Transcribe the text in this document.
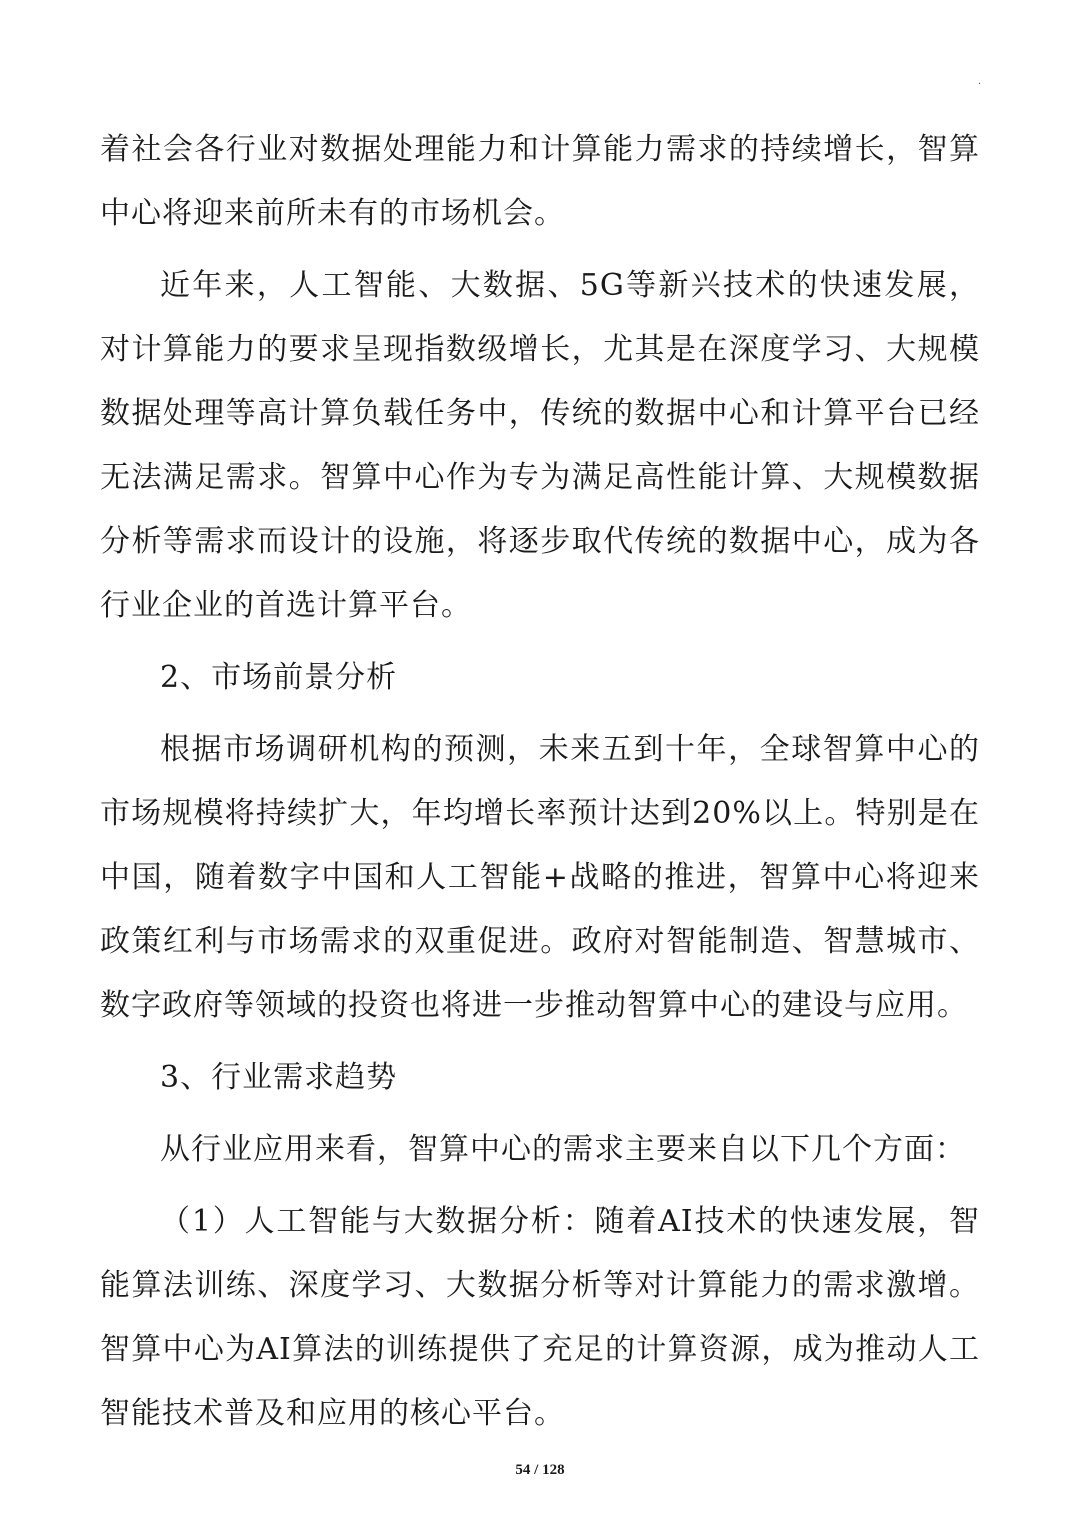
·

着社会各行业对数据处理能力和计算能力需求的持续增长，智算中心将迎来前所未有的市场机会。

近年来，人工智能、大数据、5G等新兴技术的快速发展，对计算能力的要求呈现指数级增长，尤其是在深度学习、大规模数据处理等高计算负载任务中，传统的数据中心和计算平台已经无法满足需求。智算中心作为专为满足高性能计算、大规模数据分析等需求而设计的设施，将逐步取代传统的数据中心，成为各行业企业的首选计算平台。

2、市场前景分析

根据市场调研机构的预测，未来五到十年，全球智算中心的市场规模将持续扩大，年均增长率预计达到20%以上。特别是在中国，随着数字中国和人工智能+战略的推进，智算中心将迎来政策红利与市场需求的双重促进。政府对智能制造、智慧城市、数字政府等领域的投资也将进一步推动智算中心的建设与应用。

3、行业需求趋势

从行业应用来看，智算中心的需求主要来自以下几个方面：

（1）人工智能与大数据分析：随着AI技术的快速发展，智能算法训练、深度学习、大数据分析等对计算能力的需求激增。智算中心为AI算法的训练提供了充足的计算资源，成为推动人工智能技术普及和应用的核心平台。

54 / 128
